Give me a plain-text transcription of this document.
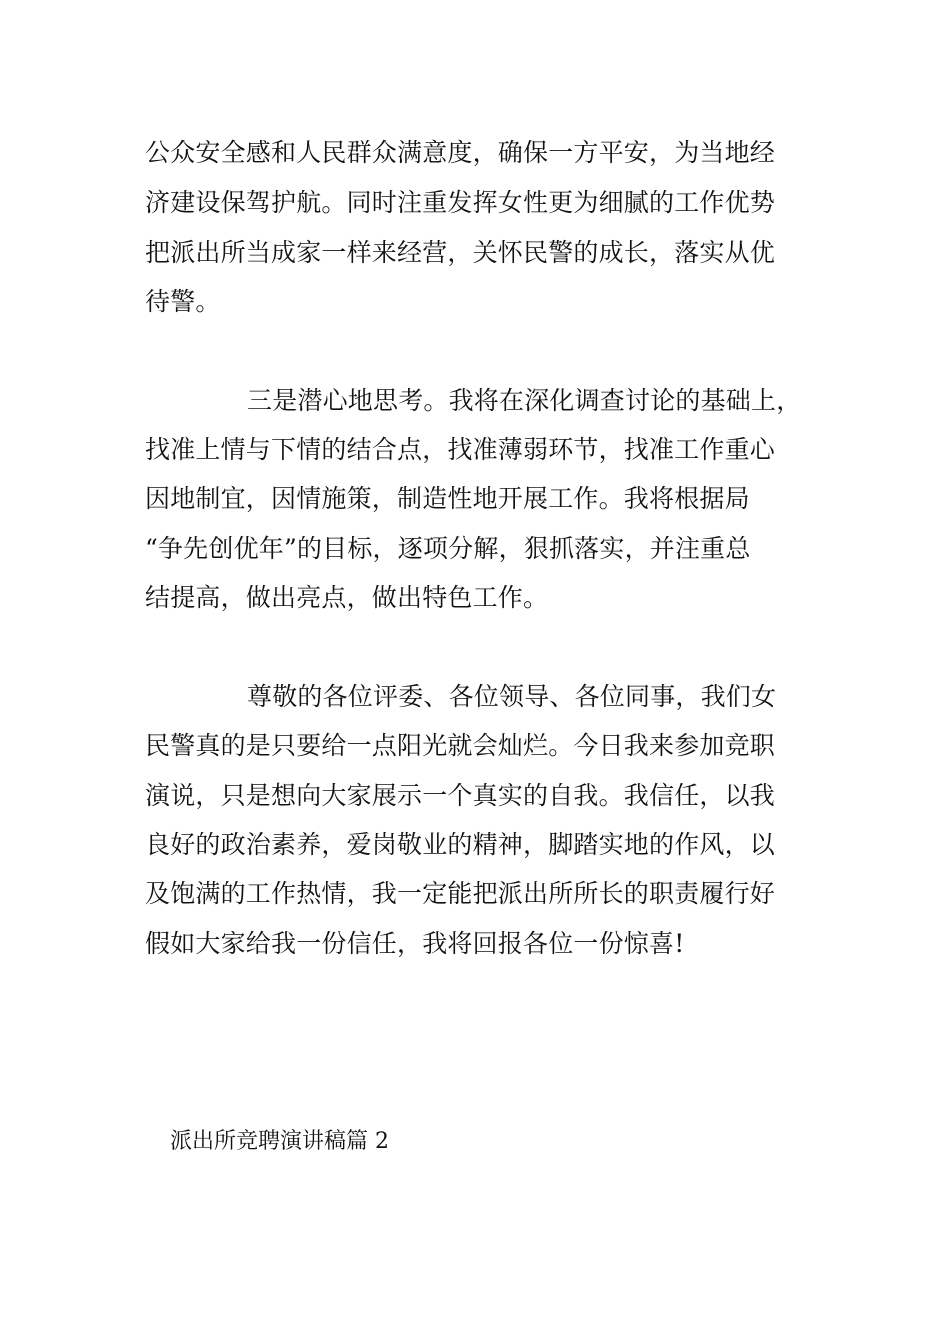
公众安全感和人民群众满意度，确保一方平安，为当地经
济建设保驾护航。同时注重发挥女性更为细腻的工作优势
把派出所当成家一样来经营，关怀民警的成长，落实从优
待警。
三是潜心地思考。我将在深化调查讨论的基础上，
找准上情与下情的结合点，找准薄弱环节，找准工作重心
因地制宜，因情施策，制造性地开展工作。我将根据局
“争先创优年”的目标，逐项分解，狠抓落实，并注重总
结提高，做出亮点，做出特色工作。
尊敬的各位评委、各位领导、各位同事，我们女
民警真的是只要给一点阳光就会灿烂。今日我来参加竞职
演说，只是想向大家展示一个真实的自我。我信任，以我
良好的政治素养，爱岗敬业的精神，脚踏实地的作风，以
及饱满的工作热情，我一定能把派出所所长的职责履行好
假如大家给我一份信任，我将回报各位一份惊喜!
派出所竞聘演讲稿篇 2
